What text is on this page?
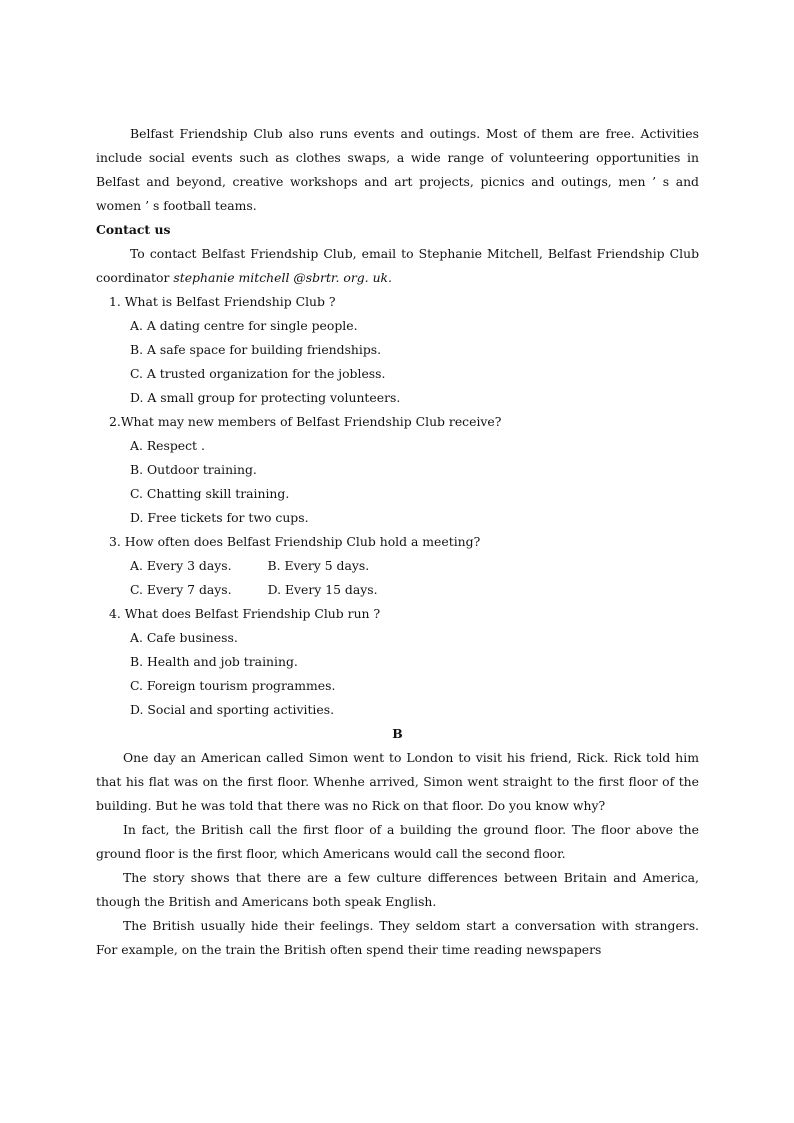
Belfast Friendship Club also runs events and outings. Most of them are free. Activities include social events such as clothes swaps, a wide range of volunteering opportunities in Belfast and beyond, creative workshops and art projects, picnics and outings, men ’ s and women ’ s football teams.

Contact us

To contact Belfast Friendship Club, email to Stephanie Mitchell, Belfast Friendship Club coordinator stephanie mitchell @sbrtr. org. uk.

1. What is Belfast Friendship Club ?

A. A dating centre for single people.

B. A safe space for building friendships.

C. A trusted organization for the jobless.

D. A small group for protecting volunteers.

2.What may new members of Belfast Friendship Club receive?

A. Respect .

B. Outdoor training.

C. Chatting skill training.

D. Free tickets for two cups.

3. How often does Belfast Friendship Club hold a meeting?

A. Every 3 days.	B. Every 5 days.

C. Every 7 days.	D. Every 15 days.

4. What does Belfast Friendship Club run ?

A. Cafe business.

B. Health and job training.

C. Foreign tourism programmes.

D. Social and sporting activities.

B

One day an American called Simon went to London to visit his friend, Rick. Rick told him that his flat was on the first floor. Whenhe arrived, Simon went straight to the first floor of the building. But he was told that there was no Rick on that floor. Do you know why?

In fact, the British call the first floor of a building the ground floor. The floor above the ground floor is the first floor, which Americans would call the second floor.

The story shows that there are a few culture differences between Britain and America, though the British and Americans both speak English.

The British usually hide their feelings. They seldom start a conversation with strangers. For example, on the train the British often spend their time reading newspapers
